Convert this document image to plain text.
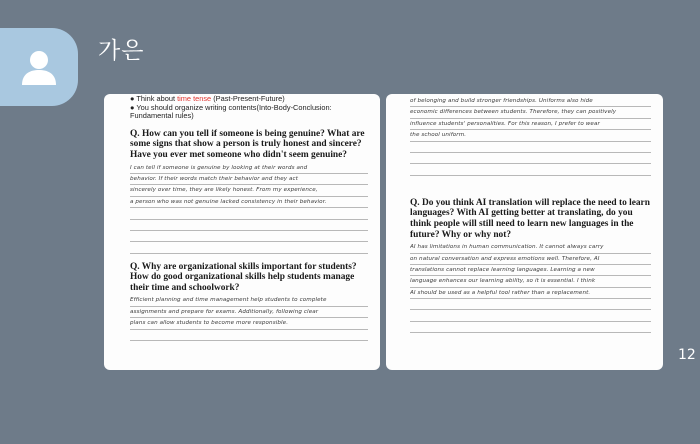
가은
● Think about time tense (Past-Present-Future)
● You should organize writing contents(Into-Body-Conclusion: Fundamental rules)
Q. How can you tell if someone is being genuine? What are some signs that show a person is truly honest and sincere? Have you ever met someone who didn't seem genuine?
I can tell if someone is genuine by looking at their words and
behavior. If their words match their behavior and they act
sincerely over time, they are likely honest. From my experience,
a person who was not genuine lacked consistency in their behavior.
Q. Why are organizational skills important for students? How do good organizational skills help students manage their time and schoolwork?
Efficient planning and time management help students to complete
assignments and prepare for exams. Additionally, following clear
plans can allow students to become more responsible.
of belonging and build stronger friendships. Uniforms also hide
economic differences between students. Therefore, they can positively
influence students' personalities. For this reason, I prefer to wear
the school uniform.
Q. Do you think AI translation will replace the need to learn languages? With AI getting better at translating, do you think people will still need to learn new languages in the future? Why or why not?
AI has limitations in human communication. It cannot always carry
on natural conversation and express emotions well. Therefore, AI
translations cannot replace learning languages. Learning a new
language enhances our learning ability, so it is essential. I think
AI should be used as a helpful tool rather than a replacement.
12
